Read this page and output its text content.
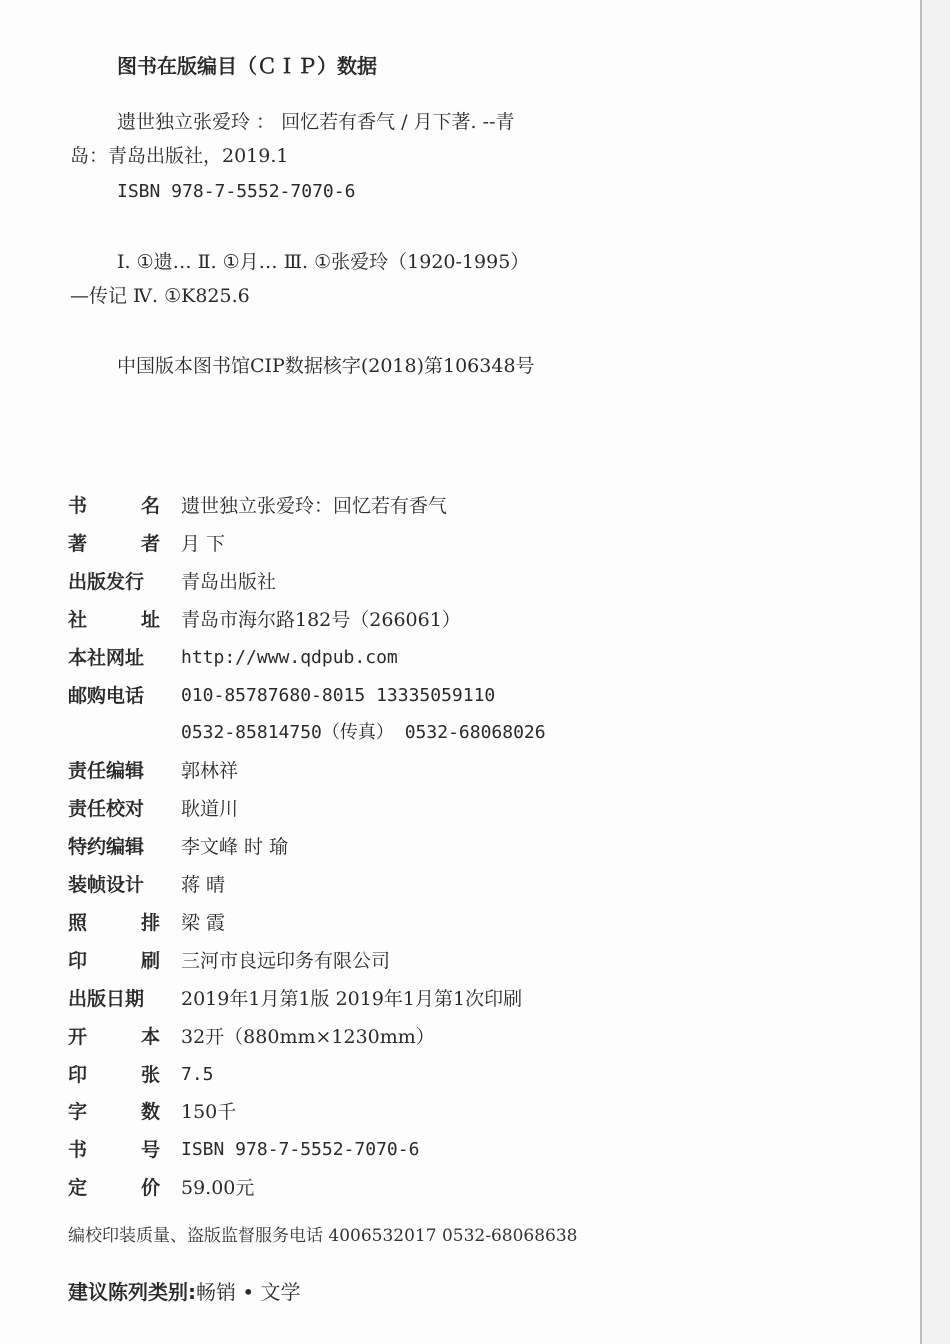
图书在版编目（ＣＩＰ）数据
遗世独立张爱玲 ： 回忆若有香气 / 月下著. --青
岛：青岛出版社，2019.1
ISBN 978-7-5552-7070-6
Ⅰ. ①遗… Ⅱ. ①月… Ⅲ. ①张爱玲（1920-1995）
—传记 Ⅳ. ①K825.6
中国版本图书馆CIP数据核字(2018)第106348号
书	名 遗世独立张爱玲：回忆若有香气
著	者 月 下
出版发行	青岛出版社
社	址 青岛市海尔路182号（266061）
本社网址	http://www.qdpub.com
邮购电话	010-85787680-8015 13335059110
0532-85814750（传真） 0532-68068026
责任编辑	郭林祥
责任校对	耿道川
特约编辑	李文峰 时 瑜
装帧设计	蒋 晴
照	排 梁 霞
印	刷 三河市良远印务有限公司
出版日期	2019年1月第1版 2019年1月第1次印刷
开	本 32开（880mm×1230mm）
印	张 7.5
字	数 150千
书	号 ISBN 978-7-5552-7070-6
定	价 59.00元
编校印装质量、盗版监督服务电话 4006532017 0532-68068638
建议陈列类别:畅销 • 文学
